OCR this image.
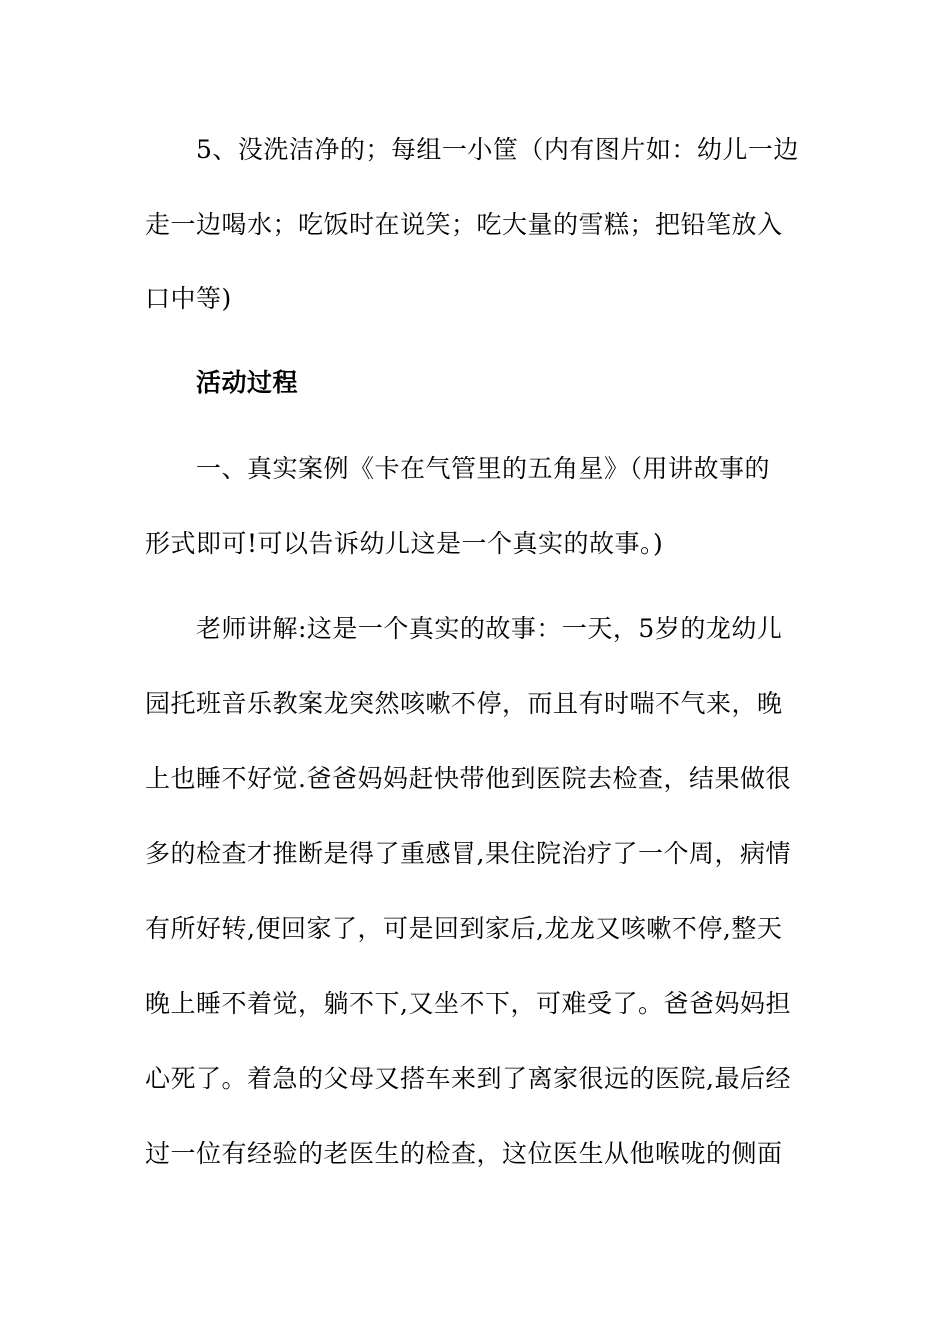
5、没洗洁净的；每组一小筐（内有图片如：幼儿一边
走一边喝水；吃饭时在说笑；吃大量的雪糕；把铅笔放入
口中等)
活动过程
一、真实案例《卡在气管里的五角星》（用讲故事的
形式即可!可以告诉幼儿这是一个真实的故事。)
老师讲解:这是一个真实的故事：一天，5岁的龙幼儿
园托班音乐教案龙突然咳嗽不停，而且有时喘不气来，晚
上也睡不好觉.爸爸妈妈赶快带他到医院去检查，结果做很
多的检查才推断是得了重感冒,果住院治疗了一个周，病情
有所好转,便回家了，可是回到家后,龙龙又咳嗽不停,整天
晚上睡不着觉，躺不下,又坐不下，可难受了。爸爸妈妈担
心死了。着急的父母又搭车来到了离家很远的医院,最后经
过一位有经验的老医生的检查，这位医生从他喉咙的侧面
